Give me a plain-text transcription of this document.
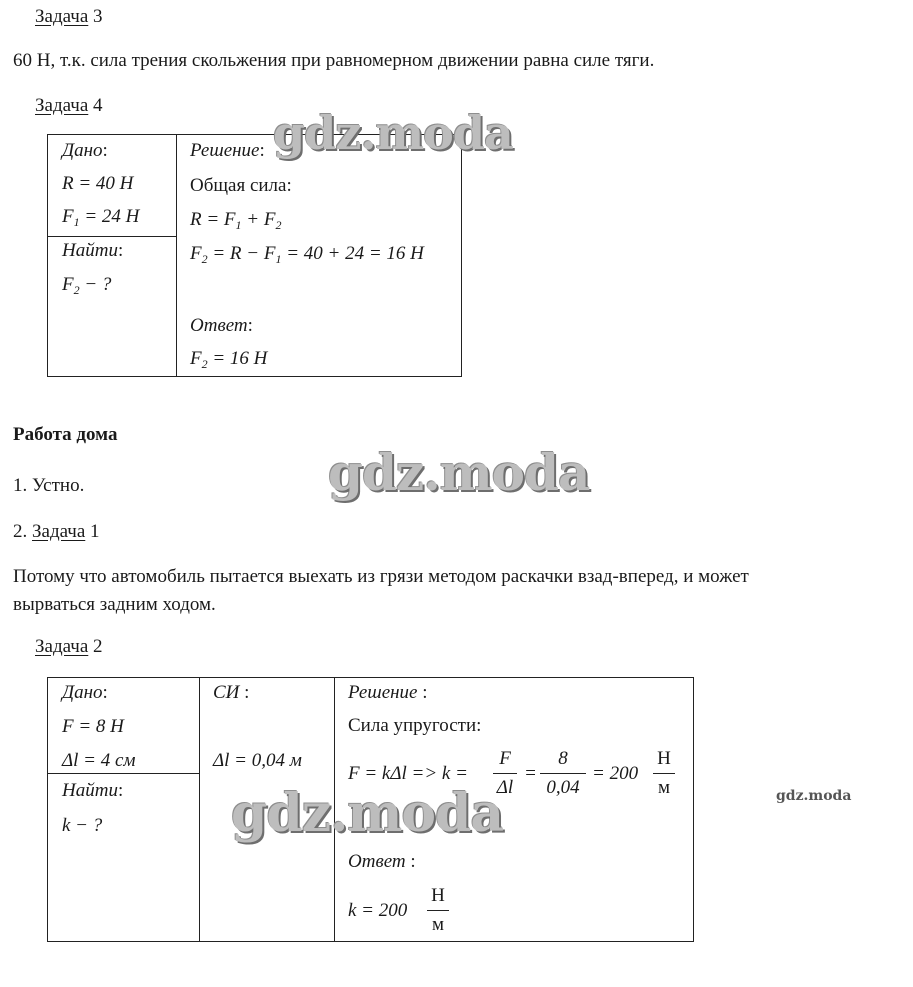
Задача 3
60 Н, т.к. сила трения скольжения при равномерном движении равна силе тяги.
Задача 4
Дано:
R = 40 Н
$F_1 = 24$ Н
Найти:
$F_2$ − ?
Решение:
Общая сила:
$R = F_1 + F_2$
$F_2 = R - F_1 = 40 + 24 = 16$ Н
Ответ:
$F_2 = 16$ Н
Работа дома
1. Устно.
2. Задача 1
Потому что автомобиль пытается выехать из грязи методом раскачки взад-вперед, и может
вырваться задним ходом.
Задача 2
Дано:
F = 8 Н
Δl = 4 см
Найти:
k − ?
СИ :
Δl = 0,04 м
Решение :
Сила упругости:
F = kΔl => k =
F
Δl
=
8
0,04
= 200
Н
м
Ответ :
k = 200
Н
м
gdz.moda
gdz.moda
gdz.moda	gdz.moda
